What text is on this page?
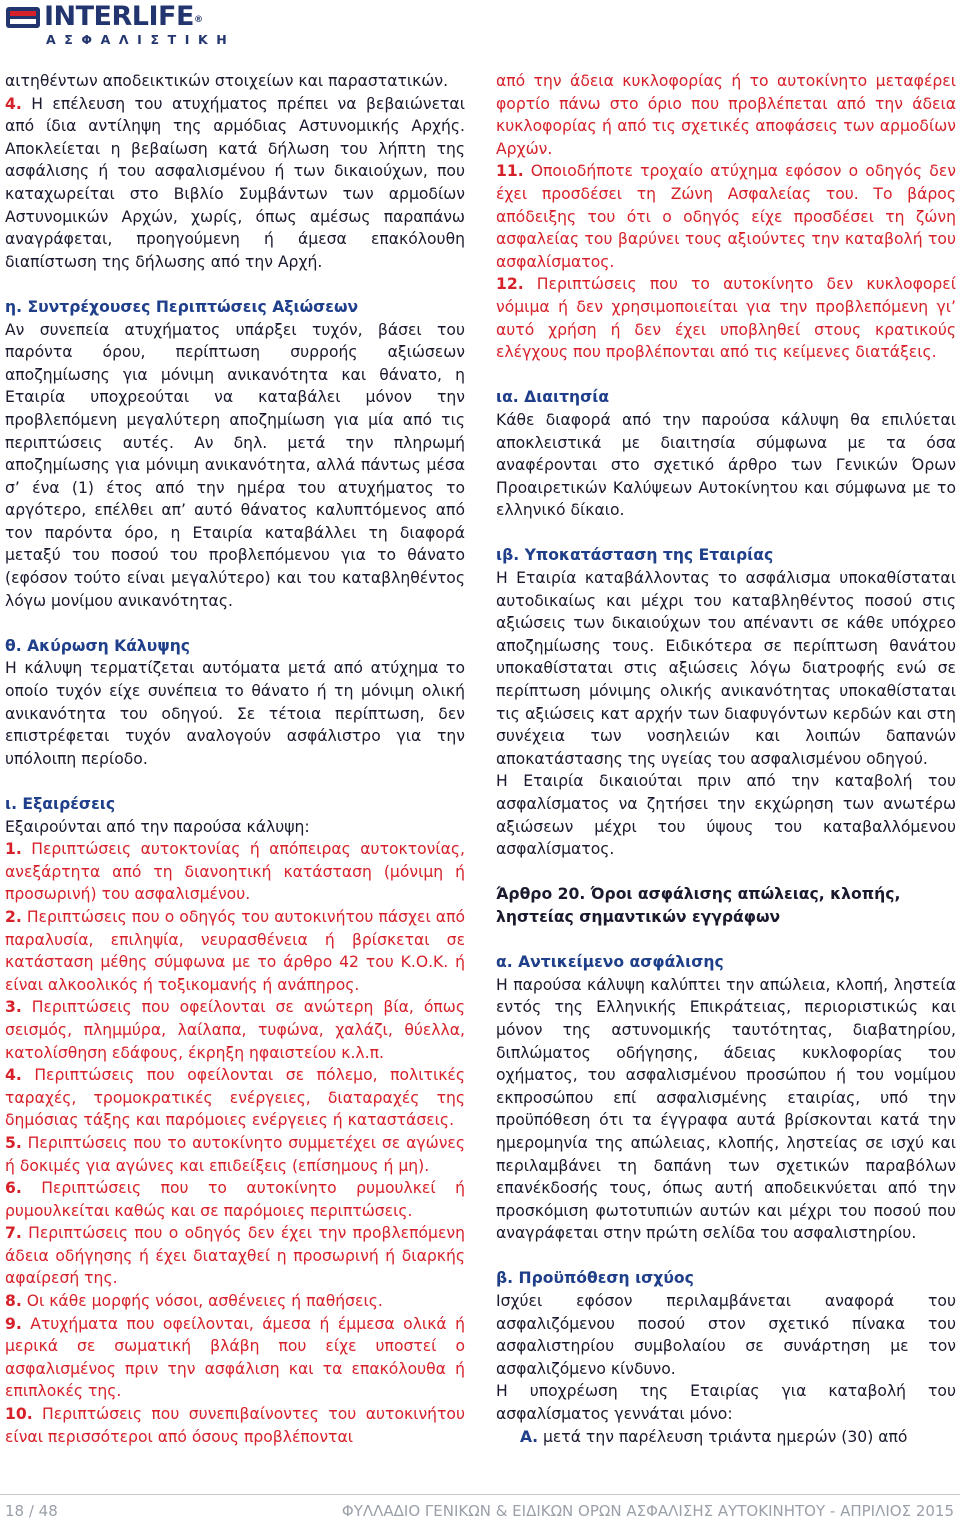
INTERLIFE®
ΑΣΦΑΛΙΣΤΙΚΗ

αιτηθέντων αποδεικτικών στοιχείων και παραστατικών.

4. Η επέλευση του ατυχήματος πρέπει να βεβαιώνεται από ίδια αντίληψη της αρμόδιας Αστυνομικής Αρχής. Αποκλείεται η βεβαίωση κατά δήλωση του λήπτη της ασφάλισης ή του ασφαλισμένου ή των δικαιούχων, που καταχωρείται στο Βιβλίο Συμβάντων των αρμοδίων Αστυνομικών Αρχών, χωρίς, όπως αμέσως παραπάνω αναγράφεται, προηγούμενη ή άμεσα επακόλουθη διαπίστωση της δήλωσης από την Αρχή.

η. Συντρέχουσες Περιπτώσεις Αξιώσεων

Αν συνεπεία ατυχήματος υπάρξει τυχόν, βάσει του παρόντα όρου, περίπτωση συρροής αξιώσεων αποζημίωσης για μόνιμη ανικανότητα και θάνατο, η Εταιρία υποχρεούται να καταβάλει μόνον την προβλεπόμενη μεγαλύτερη αποζημίωση για μία από τις περιπτώσεις αυτές. Αν δηλ. μετά την πληρωμή αποζημίωσης για μόνιμη ανικανότητα, αλλά πάντως μέσα σ’ ένα (1) έτος από την ημέρα του ατυχήματος το αργότερο, επέλθει απ’ αυτό θάνατος καλυπτόμενος από τον παρόντα όρο, η Εταιρία καταβάλλει τη διαφορά μεταξύ του ποσού του προβλεπόμενου για το θάνατο (εφόσον τούτο είναι μεγαλύτερο) και του καταβληθέντος λόγω μονίμου ανικανότητας.

θ. Ακύρωση Κάλυψης

Η κάλυψη τερματίζεται αυτόματα μετά από ατύχημα το οποίο τυχόν είχε συνέπεια το θάνατο ή τη μόνιμη ολική ανικανότητα του οδηγού. Σε τέτοια περίπτωση, δεν επιστρέφεται τυχόν αναλογούν ασφάλιστρο για την υπόλοιπη περίοδο.

ι. Εξαιρέσεις

Εξαιρούνται από την παρούσα κάλυψη:

1. Περιπτώσεις αυτοκτονίας ή απόπειρας αυτοκτονίας, ανεξάρτητα από τη διανοητική κατάσταση (μόνιμη ή προσωρινή) του ασφαλισμένου.

2. Περιπτώσεις που ο οδηγός του αυτοκινήτου πάσχει από παραλυσία, επιληψία, νευρασθένεια ή βρίσκεται σε κατάσταση μέθης σύμφωνα με το άρθρο 42 του Κ.Ο.Κ. ή είναι αλκοολικός ή τοξικομανής ή ανάπηρος.

3. Περιπτώσεις που οφείλονται σε ανώτερη βία, όπως σεισμός, πλημμύρα, λαίλαπα, τυφώνα, χαλάζι, θύελλα, κατολίσθηση εδάφους, έκρηξη ηφαιστείου κ.λ.π.

4. Περιπτώσεις που οφείλονται σε πόλεμο, πολιτικές ταραχές, τρομοκρατικές ενέργειες, διαταραχές της δημόσιας τάξης και παρόμοιες ενέργειες ή καταστάσεις.

5. Περιπτώσεις που το αυτοκίνητο συμμετέχει σε αγώνες ή δοκιμές για αγώνες και επιδείξεις (επίσημους ή μη).

6. Περιπτώσεις που το αυτοκίνητο ρυμουλκεί ή ρυμουλκείται καθώς και σε παρόμοιες περιπτώσεις.

7. Περιπτώσεις που ο οδηγός δεν έχει την προβλεπόμενη άδεια οδήγησης ή έχει διαταχθεί η προσωρινή ή διαρκής αφαίρεσή της.

8. Οι κάθε μορφής νόσοι, ασθένειες ή παθήσεις.

9. Ατυχήματα που οφείλονται, άμεσα ή έμμεσα ολικά ή μερικά σε σωματική βλάβη που είχε υποστεί ο ασφαλισμένος πριν την ασφάλιση και τα επακόλουθα ή επιπλοκές της.

10. Περιπτώσεις που συνεπιβαίνοντες του αυτοκινήτου είναι περισσότεροι από όσους προβλέπονται

από την άδεια κυκλοφορίας ή το αυτοκίνητο μεταφέρει φορτίο πάνω στο όριο που προβλέπεται από την άδεια κυκλοφορίας ή από τις σχετικές αποφάσεις των αρμοδίων Αρχών.

11. Οποιοδήποτε τροχαίο ατύχημα εφόσον ο οδηγός δεν έχει προσδέσει τη Ζώνη Ασφαλείας του. Το βάρος απόδειξης του ότι ο οδηγός είχε προσδέσει τη ζώνη ασφαλείας του βαρύνει τους αξιούντες την καταβολή του ασφαλίσματος.

12. Περιπτώσεις που το αυτοκίνητο δεν κυκλοφορεί νόμιμα ή δεν χρησιμοποιείται για την προβλεπόμενη γι’ αυτό χρήση ή δεν έχει υποβληθεί στους κρατικούς ελέγχους που προβλέπονται από τις κείμενες διατάξεις.

ια. Διαιτησία

Κάθε διαφορά από την παρούσα κάλυψη θα επιλύεται αποκλειστικά με διαιτησία σύμφωνα με τα όσα αναφέρονται στο σχετικό άρθρο των Γενικών Όρων Προαιρετικών Καλύψεων Αυτοκίνητου και σύμφωνα με το ελληνικό δίκαιο.

ιβ. Υποκατάσταση της Εταιρίας

Η Εταιρία καταβάλλοντας το ασφάλισμα υποκαθίσταται αυτοδικαίως και μέχρι του καταβληθέντος ποσού στις αξιώσεις των δικαιούχων του απέναντι σε κάθε υπόχρεο αποζημίωσης τους. Ειδικότερα σε περίπτωση θανάτου υποκαθίσταται στις αξιώσεις λόγω διατροφής ενώ σε περίπτωση μόνιμης ολικής ανικανότητας υποκαθίσταται τις αξιώσεις κατ αρχήν των διαφυγόντων κερδών και στη συνέχεια των νοσηλειών και λοιπών δαπανών αποκατάστασης της υγείας του ασφαλισμένου οδηγού.

Η Εταιρία δικαιούται πριν από την καταβολή του ασφαλίσματος να ζητήσει την εκχώρηση των ανωτέρω αξιώσεων μέχρι του ύψους του καταβαλλόμενου ασφαλίσματος.

Άρθρο 20. Όροι ασφάλισης απώλειας, κλοπής, ληστείας σημαντικών εγγράφων

α. Αντικείμενο ασφάλισης

Η παρούσα κάλυψη καλύπτει την απώλεια, κλοπή, ληστεία εντός της Ελληνικής Επικράτειας, περιοριστικώς και μόνον της αστυνομικής ταυτότητας, διαβατηρίου, διπλώματος οδήγησης, άδειας κυκλοφορίας του οχήματος, του ασφαλισμένου προσώπου ή του νομίμου εκπροσώπου επί ασφαλισμένης εταιρίας, υπό την προϋπόθεση ότι τα έγγραφα αυτά βρίσκονται κατά την ημερομηνία της απώλειας, κλοπής, ληστείας σε ισχύ και περιλαμβάνει τη δαπάνη των σχετικών παραβόλων επανέκδοσής τους, όπως αυτή αποδεικνύεται από την προσκόμιση φωτοτυπιών αυτών και μέχρι του ποσού που αναγράφεται στην πρώτη σελίδα του ασφαλιστηρίου.

β. Προϋπόθεση ισχύος

Ισχύει εφόσον περιλαμβάνεται αναφορά του ασφαλιζόμενου ποσού στον σχετικό πίνακα του ασφαλιστηρίου συμβολαίου σε συνάρτηση με τον ασφαλιζόμενο κίνδυνο.

Η υποχρέωση της Εταιρίας για καταβολή του ασφαλίσματος γεννάται μόνο:

Α. μετά την παρέλευση τριάντα ημερών (30) από

18 / 48	ΦΥΛΛΑΔΙΟ ΓΕΝΙΚΩΝ & ΕΙΔΙΚΩΝ ΟΡΩΝ ΑΣΦΑΛΙΣΗΣ ΑΥΤΟΚΙΝΗΤΟΥ - ΑΠΡΙΛΙΟΣ 2015
